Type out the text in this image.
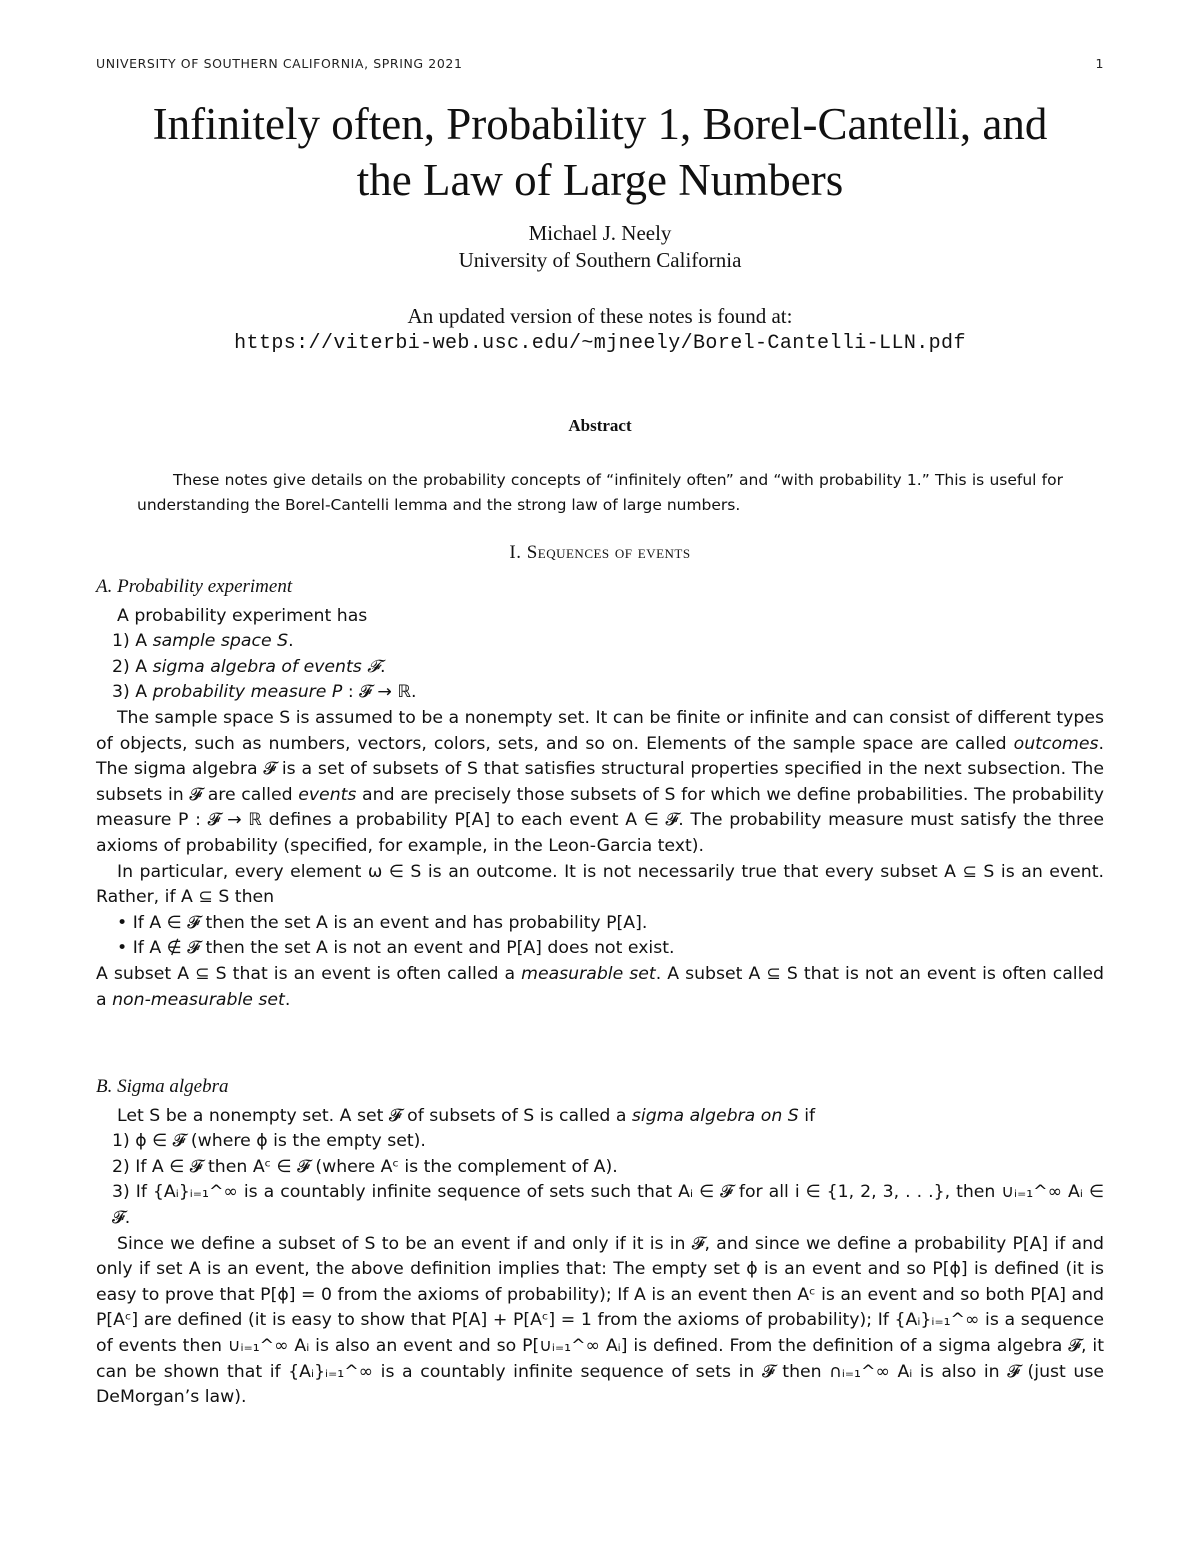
UNIVERSITY OF SOUTHERN CALIFORNIA, SPRING 2021	1
Infinitely often, Probability 1, Borel-Cantelli, and
the Law of Large Numbers
Michael J. Neely
University of Southern California
An updated version of these notes is found at:
https://viterbi-web.usc.edu/~mjneely/Borel-Cantelli-LLN.pdf
Abstract

These notes give details on the probability concepts of “infinitely often” and “with probability 1.” This is useful for understanding the Borel-Cantelli lemma and the strong law of large numbers.

I. Sequences of events
A. Probability experiment

A probability experiment has

1) A sample space S.

2) A sigma algebra of events 𝓕.

3) A probability measure P : 𝓕 → ℝ.

The sample space S is assumed to be a nonempty set. It can be finite or infinite and can consist of different types of objects, such as numbers, vectors, colors, sets, and so on. Elements of the sample space are called outcomes. The sigma algebra 𝓕 is a set of subsets of S that satisfies structural properties specified in the next subsection. The subsets in 𝓕 are called events and are precisely those subsets of S for which we define probabilities. The probability measure P : 𝓕 → ℝ defines a probability P[A] to each event A ∈ 𝓕. The probability measure must satisfy the three axioms of probability (specified, for example, in the Leon-Garcia text).

In particular, every element ω ∈ S is an outcome. It is not necessarily true that every subset A ⊆ S is an event. Rather, if A ⊆ S then

• If A ∈ 𝓕 then the set A is an event and has probability P[A].

• If A ∉ 𝓕 then the set A is not an event and P[A] does not exist.

A subset A ⊆ S that is an event is often called a measurable set. A subset A ⊆ S that is not an event is often called a non-measurable set.

B. Sigma algebra

Let S be a nonempty set. A set 𝓕 of subsets of S is called a sigma algebra on S if

1) ϕ ∈ 𝓕 (where ϕ is the empty set).

2) If A ∈ 𝓕 then Aᶜ ∈ 𝓕 (where Aᶜ is the complement of A).

3) If {Aᵢ}ᵢ₌₁^∞ is a countably infinite sequence of sets such that Aᵢ ∈ 𝓕 for all i ∈ {1, 2, 3, . . .}, then ∪ᵢ₌₁^∞ Aᵢ ∈ 𝓕.

Since we define a subset of S to be an event if and only if it is in 𝓕, and since we define a probability P[A] if and only if set A is an event, the above definition implies that: The empty set ϕ is an event and so P[ϕ] is defined (it is easy to prove that P[ϕ] = 0 from the axioms of probability); If A is an event then Aᶜ is an event and so both P[A] and P[Aᶜ] are defined (it is easy to show that P[A] + P[Aᶜ] = 1 from the axioms of probability); If {Aᵢ}ᵢ₌₁^∞ is a sequence of events then ∪ᵢ₌₁^∞ Aᵢ is also an event and so P[∪ᵢ₌₁^∞ Aᵢ] is defined. From the definition of a sigma algebra 𝓕, it can be shown that if {Aᵢ}ᵢ₌₁^∞ is a countably infinite sequence of sets in 𝓕 then ∩ᵢ₌₁^∞ Aᵢ is also in 𝓕 (just use DeMorgan’s law).
